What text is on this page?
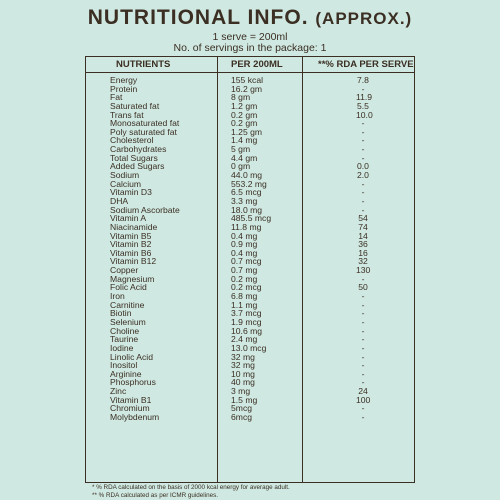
NUTRITIONAL INFO. (APPROX.)
1 serve = 200ml
No. of servings in the package: 1
NUTRIENTS	PER 200ML	**% RDA PER SERVE
Energy	155 kcal	7.8
Protein	16.2 gm	-
Fat	8 gm	11.9
Saturated fat	1.2 gm	5.5
Trans fat	0.2 gm	10.0
Monosaturated fat	0.2 gm	-
Poly saturated fat	1.25 gm	-
Cholesterol	1.4 mg	-
Carbohydrates	5 gm	-
Total Sugars	4.4 gm	-
Added Sugars	0 gm	0.0
Sodium	44.0 mg	2.0
Calcium	553.2 mg	-
Vitamin D3	6.5 mcg	-
DHA	3.3 mg	-
Sodium Ascorbate	18.0 mg	-
Vitamin A	485.5 mcg	54
Niacinamide	11.8 mg	74
Vitamin B5	0.4 mg	14
Vitamin B2	0.9 mg	36
Vitamin B6	0.4 mg	16
Vitamin B12	0.7 mcg	32
Copper	0.7 mg	130
Magnesium	0.2 mg	-
Folic Acid	0.2 mcg	50
Iron	6.8 mg	-
Carnitine	1.1 mg	-
Biotin	3.7 mcg	-
Selenium	1.9 mcg	-
Choline	10.6 mg	-
Taurine	2.4 mg	-
Iodine	13.0 mcg	-
Linolic Acid	32 mg	-
Inositol	32 mg	-
Arginine	10 mg	-
Phosphorus	40 mg	-
Zinc	3 mg	24
Vitamin B1	1.5 mg	100
Chromium	5mcg	-
Molybdenum	6mcg	-
* % RDA calculated on the basis of 2000 kcal energy for average adult.
** % RDA calculated as per ICMR guidelines.
